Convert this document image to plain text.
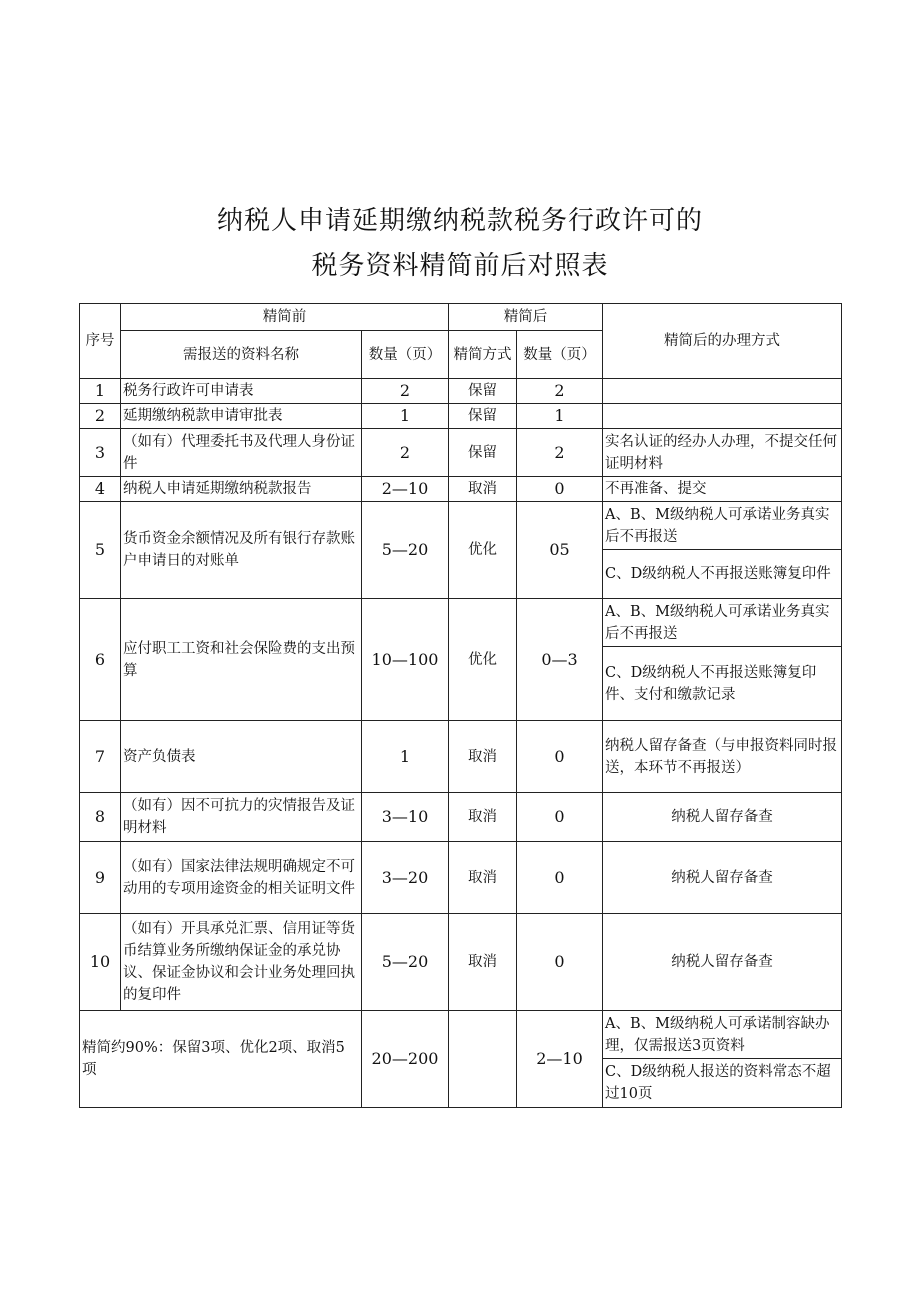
纳税人申请延期缴纳税款税务行政许可的
税务资料精简前后对照表
序号	精简前		精简后		精简后的办理方式
	需报送的资料名称	数量（页）	精简方式	数量（页）	
1	税务行政许可申请表	2	保留	2	
2	延期缴纳税款申请审批表	1	保留	1	
3	（如有）代理委托书及代理人身份证件	2	保留	2	实名认证的经办人办理，不提交任何证明材料
4	纳税人申请延期缴纳税款报告	2—10	取消	0	不再准备、提交
5	货币资金余额情况及所有银行存款账户申请日的对账单	5—20	优化	05	A、B、M级纳税人可承诺业务真实后不再报送
					C、D级纳税人不再报送账簿复印件
6	应付职工工资和社会保险费的支出预算	10—100	优化	0—3	A、B、M级纳税人可承诺业务真实后不再报送
					C、D级纳税人不再报送账簿复印件、支付和缴款记录
7	资产负债表	1	取消	0	纳税人留存备查（与申报资料同时报送，本环节不再报送）
8	（如有）因不可抗力的灾情报告及证明材料	3—10	取消	0	纳税人留存备查
9	（如有）国家法律法规明确规定不可动用的专项用途资金的相关证明文件	3—20	取消	0	纳税人留存备查
10	（如有）开具承兑汇票、信用证等货币结算业务所缴纳保证金的承兑协议、保证金协议和会计业务处理回执的复印件	5—20	取消	0	纳税人留存备查
精简约90%：保留3项、优化2项、取消5项		20—200		2—10	A、B、M级纳税人可承诺制容缺办理，仅需报送3页资料
					C、D级纳税人报送的资料常态不超过10页
